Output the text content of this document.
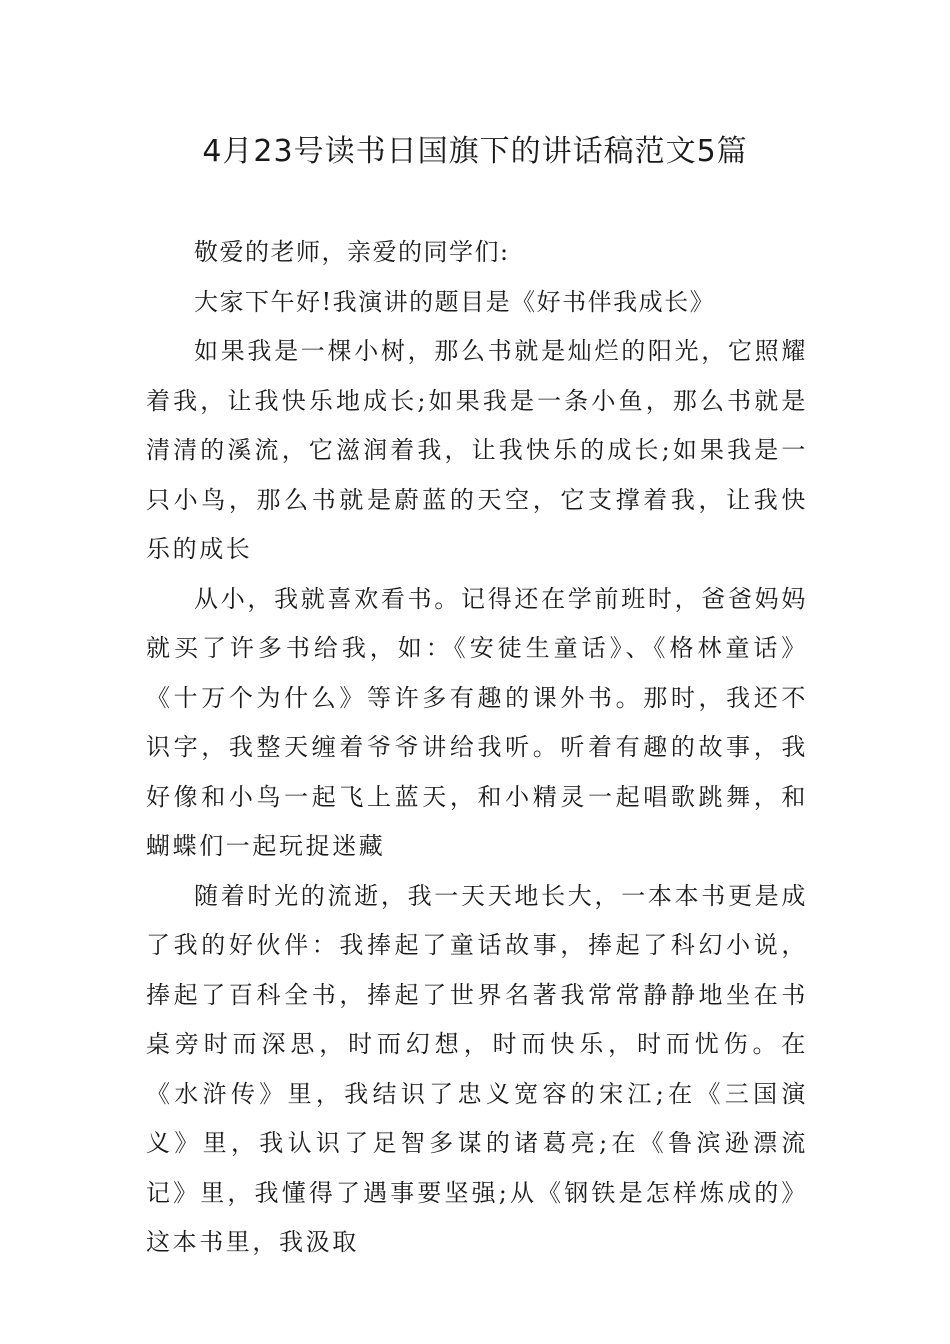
4月23号读书日国旗下的讲话稿范文5篇

敬爱的老师，亲爱的同学们:

大家下午好!我演讲的题目是《好书伴我成长》

如果我是一棵小树，那么书就是灿烂的阳光，它照耀着我，让我快乐地成长;如果我是一条小鱼，那么书就是清清的溪流，它滋润着我，让我快乐的成长;如果我是一只小鸟，那么书就是蔚蓝的天空，它支撑着我，让我快乐的成长

从小，我就喜欢看书。记得还在学前班时，爸爸妈妈就买了许多书给我，如：《安徒生童话》、《格林童话》《十万个为什么》等许多有趣的课外书。那时，我还不识字，我整天缠着爷爷讲给我听。听着有趣的故事，我好像和小鸟一起飞上蓝天，和小精灵一起唱歌跳舞，和蝴蝶们一起玩捉迷藏

随着时光的流逝，我一天天地长大，一本本书更是成了我的好伙伴：我捧起了童话故事，捧起了科幻小说，捧起了百科全书，捧起了世界名著我常常静静地坐在书桌旁时而深思，时而幻想，时而快乐，时而忧伤。在《水浒传》里，我结识了忠义宽容的宋江;在《三国演义》里，我认识了足智多谋的诸葛亮;在《鲁滨逊漂流记》里，我懂得了遇事要坚强;从《钢铁是怎样炼成的》这本书里，我汲取
